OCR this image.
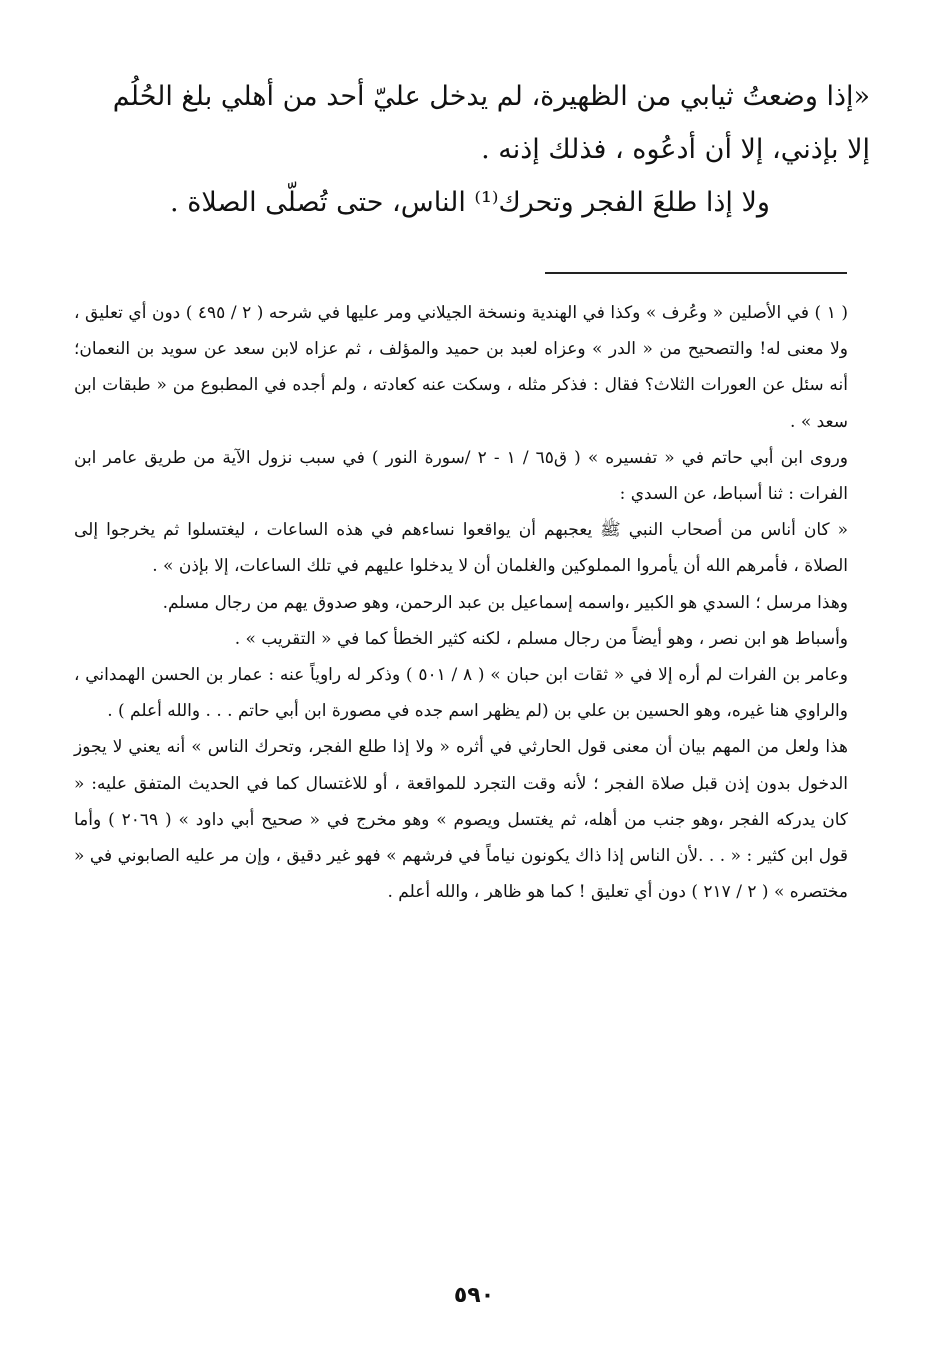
«إذا وضعتُ ثيابي من الظهيرة، لم يدخل عليّ أحد من أهلي بلغ الحُلُم

إلا بإذني، إلا أن أدعُوه ، فذلك إذنه .

ولا إذا طلعَ الفجر وتحرك⁽¹⁾ الناس، حتى تُصلّى الصلاة .

( ١ ) في الأصلين « وعُرف » وكذا في الهندية ونسخة الجيلاني ومر عليها في شرحه ( ٢ / ٤٩٥ ) دون أي تعليق ، ولا معنى له! والتصحيح من « الدر » وعزاه لعبد بن حميد والمؤلف ، ثم عزاه لابن سعد عن سويد بن النعمان؛ أنه سئل عن العورات الثلاث؟ فقال : فذكر مثله ، وسكت عنه كعادته ، ولم أجده في المطبوع من « طبقات ابن سعد » .

وروى ابن أبي حاتم في « تفسيره » ( ق٦٥ / ١ - ٢ /سورة النور ) في سبب نزول الآية من طريق عامر ابن الفرات : ثنا أسباط، عن السدي :

« كان أناس من أصحاب النبي ﷺ يعجبهم أن يواقعوا نساءهم في هذه الساعات ، ليغتسلوا ثم يخرجوا إلى الصلاة ، فأمرهم الله أن يأمروا المملوكين والغلمان أن لا يدخلوا عليهم في تلك الساعات، إلا بإذن » .

وهذا مرسل ؛ السدي هو الكبير ،واسمه إسماعيل بن عبد الرحمن، وهو صدوق يهم من رجال مسلم.

وأسباط هو ابن نصر ، وهو أيضاً من رجال مسلم ، لكنه كثير الخطأ كما في « التقريب » .

وعامر بن الفرات لم أره إلا في « ثقات ابن حبان » ( ٨ / ٥٠١ ) وذكر له راوياً عنه : عمار بن الحسن الهمداني ، والراوي هنا غيره، وهو الحسين بن علي بن (لم يظهر اسم جده في مصورة ابن أبي حاتم . . . والله أعلم ) .

هذا ولعل من المهم بيان أن معنى قول الحارثي في أثره « ولا إذا طلع الفجر، وتحرك الناس » أنه يعني لا يجوز الدخول بدون إذن قبل صلاة الفجر ؛ لأنه وقت التجرد للمواقعة ، أو للاغتسال كما في الحديث المتفق عليه: « كان يدركه الفجر ،وهو جنب من أهله، ثم يغتسل ويصوم » وهو مخرج في « صحيح أبي داود » ( ٢٠٦٩ ) وأما قول ابن كثير : « . . .لأن الناس إذا ذاك يكونون نياماً في فرشهم » فهو غير دقيق ، وإن مر عليه الصابوني في « مختصره » ( ٢ / ٢١٧ ) دون أي تعليق ! كما هو ظاهر ، والله أعلم .

٥٩٠
